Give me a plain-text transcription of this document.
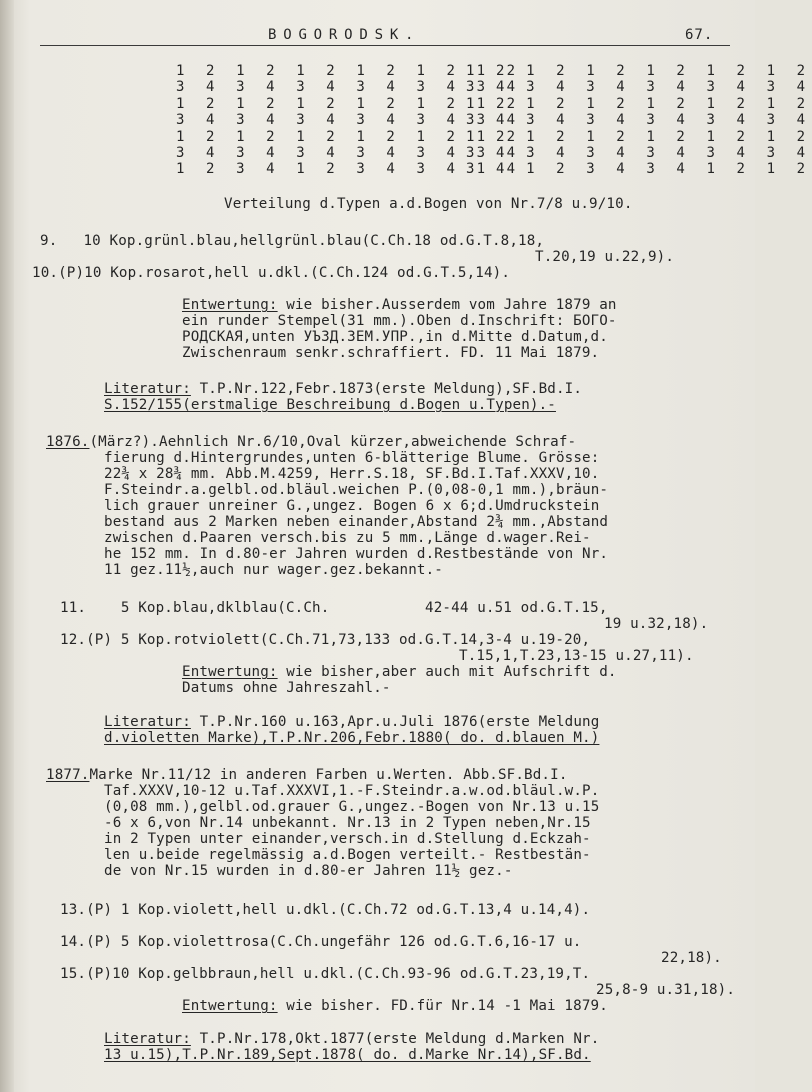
BOGORODSK.	67.
1 2 1 2 1 2 1 2 1 2 1 2
3 4 3 4 3 4 3 4 3 4 3 4
1 2 1 2 1 2 1 2 1 2 1 2
3 4 3 4 3 4 3 4 3 4 3 4
1 2 1 2 1 2 1 2 1 2 1 2
3 4 3 4 3 4 3 4 3 4 3 4
1 2 3 4 1 2 3 4 3 4 1 4
1 2 1 2 1 2 1 2 1 2 1 2
3 4 3 4 3 4 3 4 3 4 3 4
1 2 1 2 1 2 1 2 1 2 1 2
3 4 3 4 3 4 3 4 3 4 3 4
1 2 1 2 1 2 1 2 1 2 1 2
3 4 3 4 3 4 3 4 3 4 3 4
3 4 1 2 3 4 3 4 1 2 1 2
Verteilung d.Typen a.d.Bogen von Nr.7/8 u.9/10.
9.   10 Kop.grünl.blau,hellgrünl.blau(C.Ch.18 od.G.T.8,18,
T.20,19 u.22,9).
10.(P)10 Kop.rosarot,hell u.dkl.(C.Ch.124 od.G.T.5,14).
Entwertung: wie bisher.Ausserdem vom Jahre 1879 an
ein runder Stempel(31 mm.).Oben d.Inschrift: БОГО-
РОДСКАЯ,unten УЪЗД.ЗЕМ.УПР.,in d.Mitte d.Datum,d.
Zwischenraum senkr.schraffiert. FD. 11 Mai 1879.
Literatur: T.P.Nr.122,Febr.1873(erste Meldung),SF.Bd.I.
S.152/155(erstmalige Beschreibung d.Bogen u.Typen).-
1876.(März?).Aehnlich Nr.6/10,Oval kürzer,abweichende Schraf-
fierung d.Hintergrundes,unten 6-blätterige Blume. Grösse:
22¾ x 28¾ mm. Abb.M.4259, Herr.S.18, SF.Bd.I.Taf.XXXV,10.
F.Steindr.a.gelbl.od.bläul.weichen P.(0,08-0,1 mm.),bräun-
lich grauer unreiner G.,ungez. Bogen 6 x 6;d.Umdruckstein
bestand aus 2 Marken neben einander,Abstand 2¾ mm.,Abstand
zwischen d.Paaren versch.bis zu 5 mm.,Länge d.wager.Rei-
he 152 mm. In d.80-er Jahren wurden d.Restbestände von Nr.
11 gez.11½,auch nur wager.gez.bekannt.-
11.    5 Kop.blau,dklblau(C.Ch.           42-44 u.51 od.G.T.15,
19 u.32,18).
12.(P) 5 Kop.rotviolett(C.Ch.71,73,133 od.G.T.14,3-4 u.19-20,
T.15,1,T.23,13-15 u.27,11).
Entwertung: wie bisher,aber auch mit Aufschrift d.
Datums ohne Jahreszahl.-
Literatur: T.P.Nr.160 u.163,Apr.u.Juli 1876(erste Meldung
d.violetten Marke),T.P.Nr.206,Febr.1880( do. d.blauen M.)
1877.Marke Nr.11/12 in anderen Farben u.Werten. Abb.SF.Bd.I.
Taf.XXXV,10-12 u.Taf.XXXVI,1.-F.Steindr.a.w.od.bläul.w.P.
(0,08 mm.),gelbl.od.grauer G.,ungez.-Bogen von Nr.13 u.15
-6 x 6,von Nr.14 unbekannt. Nr.13 in 2 Typen neben,Nr.15
in 2 Typen unter einander,versch.in d.Stellung d.Eckzah-
len u.beide regelmässig a.d.Bogen verteilt.- Restbestän-
de von Nr.15 wurden in d.80-er Jahren 11½ gez.-
13.(P) 1 Kop.violett,hell u.dkl.(C.Ch.72 od.G.T.13,4 u.14,4).
14.(P) 5 Kop.violettrosa(C.Ch.ungefähr 126 od.G.T.6,16-17 u.
22,18).
15.(P)10 Kop.gelbbraun,hell u.dkl.(C.Ch.93-96 od.G.T.23,19,T.
25,8-9 u.31,18).
Entwertung: wie bisher. FD.für Nr.14 -1 Mai 1879.
Literatur: T.P.Nr.178,Okt.1877(erste Meldung d.Marken Nr.
13 u.15),T.P.Nr.189,Sept.1878( do. d.Marke Nr.14),SF.Bd.
